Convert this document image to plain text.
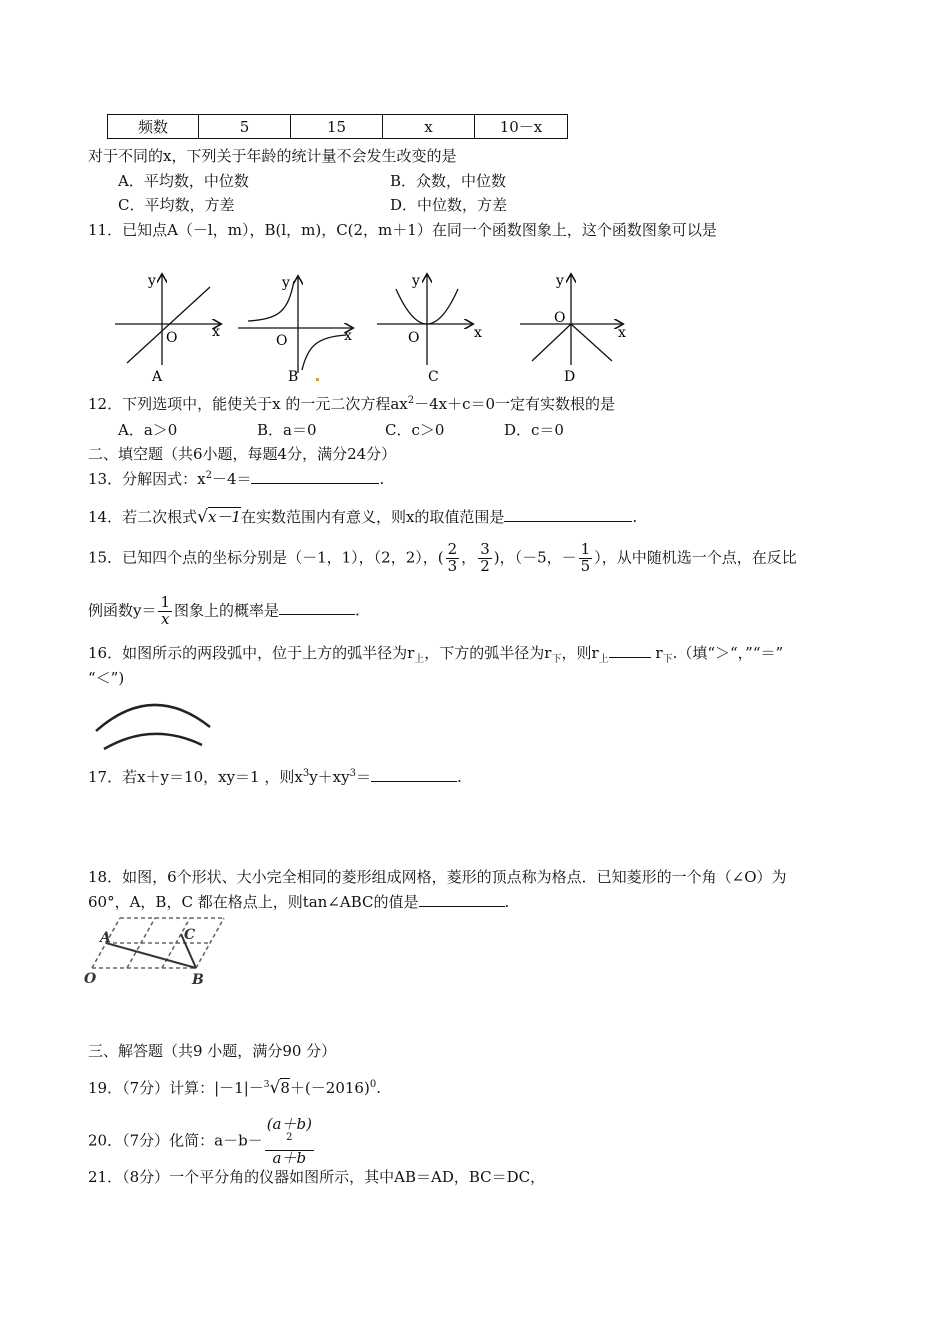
频数	5	15	x	10－x
对于不同的x，下列关于年龄的统计量不会发生改变的是
A．平均数，中位数	B．众数，中位数
C．平均数，方差	D．中位数，方差
11．已知点A（－l，m），B(l，m)，C(2，m＋1）在同一个函数图象上，这个函数图象可以是
y
x
O
A
y
x
O
B
y
x
O
C
y
x
O
D
12．下列选项中，能使关于x 的一元二次方程$ax^2-4x+c=0$一定有实数根的是
A．a＞0	B．a＝0	C．c＞0	D．c＝0
二、填空题（共6小题，每题4分，满分24分）
13．分解因式：$x^2-4=$	.
14．若二次根式√x－1在实数范围内有意义，则x的取值范围是	.
15．已知四个点的坐标分别是（－1，1），（2，2），( $\frac{2}{3}$ ， $\frac{3}{2}$ )，（－5，－ $\frac{1}{5}$ ），从中随机选一个点，在反比
例函数$y= \frac{1}{x}$ 图象上的概率是	.
16．如图所示的两段弧中，位于上方的弧半径为$r_上$，下方的弧半径为$r_下$，则$r_上$	$r_下$.（填“＞“，”“＝”
“＜”)
17．若x＋y＝10，xy＝1 ，则$x^3y+xy^3=$	.
18．如图，6个形状、大小完全相同的菱形组成网格，菱形的顶点称为格点．已知菱形的一个角（∠O）为
60°，A，B，C 都在格点上，则tan∠ABC的值是	.
A	C
O	B
三、解答题（共9 小题，满分90 分）
19．（7分）计算：$|-1|-^3√8+(-2016)^0$.
20．（7分）化简：a－b－ (a＋b)
$^2$
a＋b
21．（8分）一个平分角的仪器如图所示，其中AB＝AD，BC＝DC，
